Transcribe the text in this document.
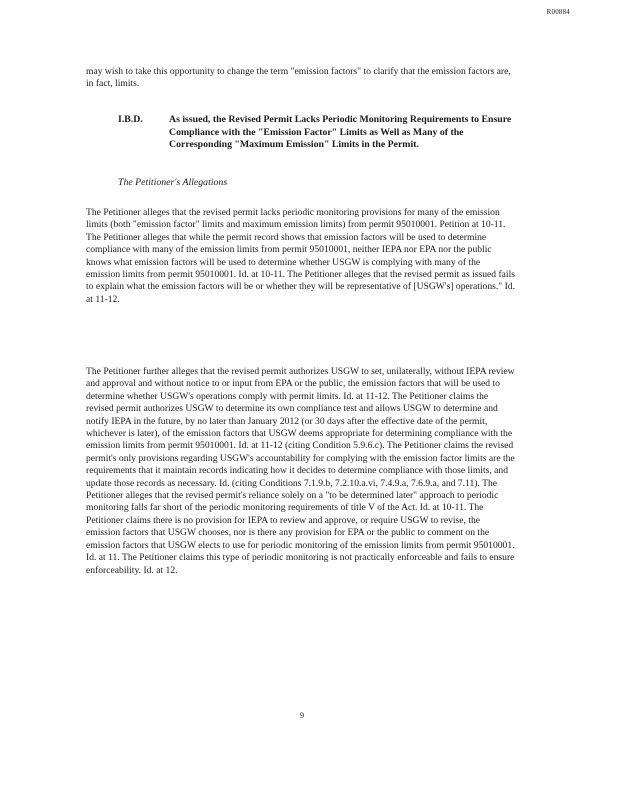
R00884
may wish to take this opportunity to change the term "emission factors" to clarify that the emission factors are, in fact, limits.
I.B.D.	As issued, the Revised Permit Lacks Periodic Monitoring Requirements to Ensure Compliance with the "Emission Factor" Limits as Well as Many of the Corresponding "Maximum Emission" Limits in the Permit.
The Petitioner's Allegations
The Petitioner alleges that the revised permit lacks periodic monitoring provisions for many of the emission limits (both "emission factor" limits and maximum emission limits) from permit 95010001. Petition at 10-11. The Petitioner alleges that while the permit record shows that emission factors will be used to determine compliance with many of the emission limits from permit 95010001, neither IEPA nor EPA nor the public knows what emission factors will be used to determine whether USGW is complying with many of the emission limits from permit 95010001. Id. at 10-11. The Petitioner alleges that the revised permit as issued fails to explain what the emission factors will be or whether they will be representative of [USGW's] operations." Id. at 11-12.
The Petitioner further alleges that the revised permit authorizes USGW to set, unilaterally, without IEPA review and approval and without notice to or input from EPA or the public, the emission factors that will be used to determine whether USGW's operations comply with permit limits. Id. at 11-12. The Petitioner claims the revised permit authorizes USGW to determine its own compliance test and allows USGW to determine and notify IEPA in the future, by no later than January 2012 (or 30 days after the effective date of the permit, whichever is later), of the emission factors that USGW deems appropriate for determining compliance with the emission limits from permit 95010001. Id. at 11-12 (citing Condition 5.9.6.c). The Petitioner claims the revised permit's only provisions regarding USGW's accountability for complying with the emission factor limits are the requirements that it maintain records indicating how it decides to determine compliance with those limits, and update those records as necessary. Id. (citing Conditions 7.1.9.b, 7.2.10.a.vi, 7.4.9.a, 7.6.9.a, and 7.11). The Petitioner alleges that the revised permit's reliance solely on a "to be determined later" approach to periodic monitoring falls far short of the periodic monitoring requirements of title V of the Act. Id. at 10-11. The Petitioner claims there is no provision for IEPA to review and approve, or require USGW to revise, the emission factors that USGW chooses, nor is there any provision for EPA or the public to comment on the emission factors that USGW elects to use for periodic monitoring of the emission limits from permit 95010001. Id. at 11. The Petitioner claims this type of periodic monitoring is not practically enforceable and fails to ensure enforceability. Id. at 12.
9
